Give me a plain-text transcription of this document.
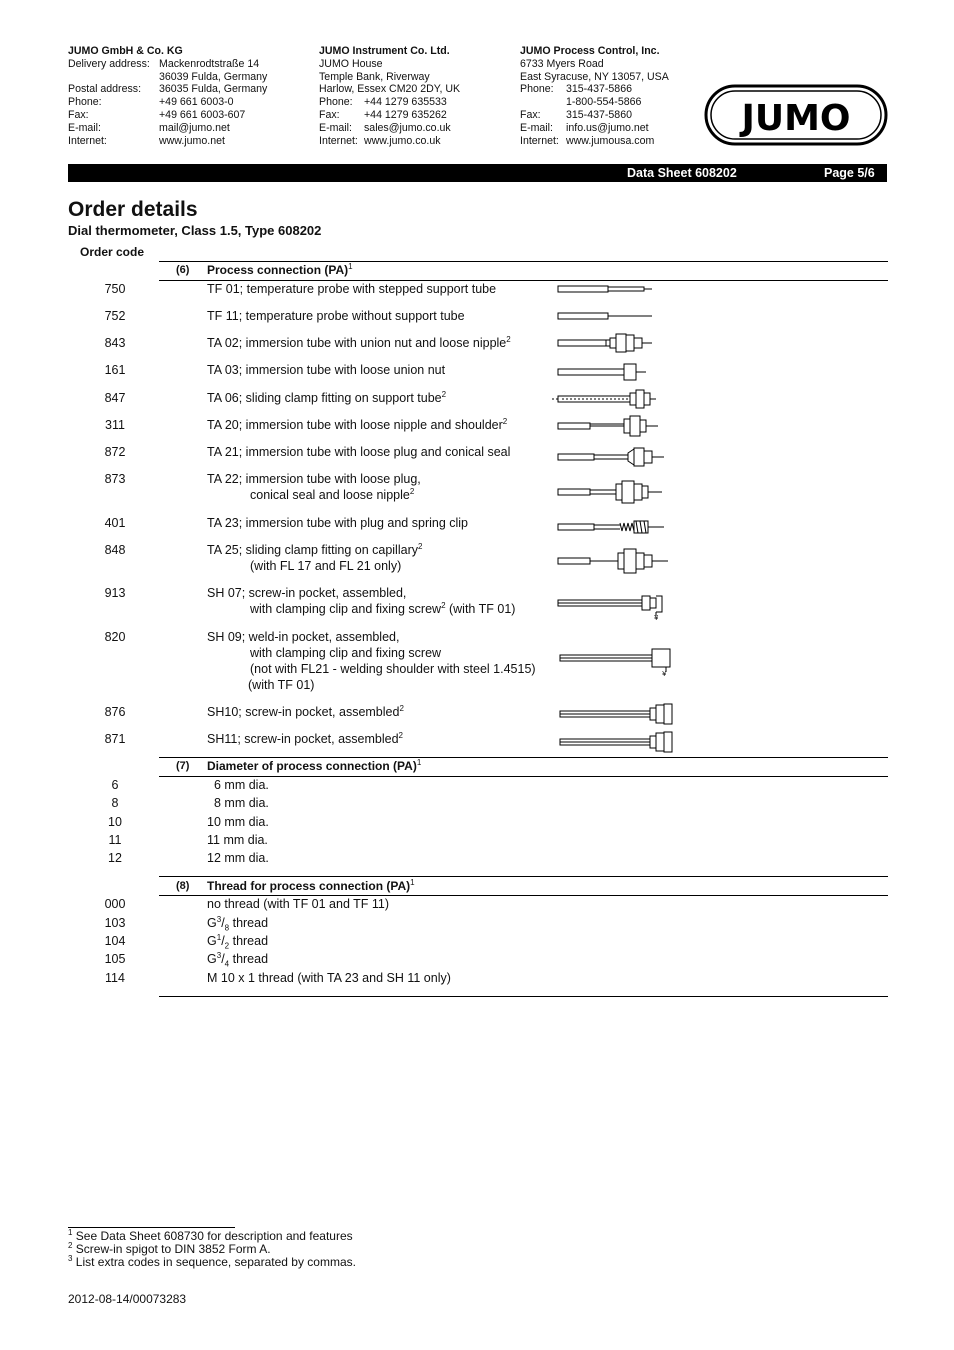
JUMO GmbH & Co. KG
Delivery address: Mackenrodtstraße 14
36039 Fulda, Germany
Postal address:	36035 Fulda, Germany
Phone:	+49 661 6003-0
Fax:	+49 661 6003-607
E-mail:	mail@jumo.net
Internet:	www.jumo.net
JUMO Instrument Co. Ltd.
JUMO House
Temple Bank, Riverway
Harlow, Essex CM20 2DY, UK
Phone:	+44 1279 635533
Fax:	+44 1279 635262
E-mail:	sales@jumo.co.uk
Internet: www.jumo.co.uk
JUMO Process Control, Inc.
6733 Myers Road
East Syracuse, NY 13057, USA
Phone:	315-437-5866
1-800-554-5866
Fax:	315-437-5860
E-mail:	info.us@jumo.net
Internet: www.jumousa.com
JUMO
Data Sheet 608202	Page 5/6
Order details
Dial thermometer, Class 1.5, Type 608202
Order code
(6) Process connection (PA)$^1$
750	TF 01; temperature probe with stepped support tube
752	TF 11; temperature probe without support tube
843	TA 02; immersion tube with union nut and loose nipple$^2$
161	TA 03; immersion tube with loose union nut
847	TA 06; sliding clamp fitting on support tube$^2$
311	TA 20; immersion tube with loose nipple and shoulder$^2$
872	TA 21; immersion tube with loose plug and conical seal
873	TA 22; immersion tube with loose plug,
conical seal and loose nipple$^2$
401	TA 23; immersion tube with plug and spring clip
848	TA 25; sliding clamp fitting on capillary$^2$
(with FL 17 and FL 21 only)
913	SH 07; screw-in pocket, assembled,
with clamping clip and fixing screw$^2$ (with TF 01)
¥
820	SH 09; weld-in pocket, assembled,
with clamping clip and fixing screw
(not with FL21 - welding shoulder with steel 1.4515)
(with TF 01)
¥
876	SH10; screw-in pocket, assembled$^2$
871	SH11; screw-in pocket, assembled$^2$
(7) Diameter of process connection (PA)$^1$
6	6 mm dia.
8	8 mm dia.
10	10 mm dia.
11	11 mm dia.
12	12 mm dia.
(8) Thread for process connection (PA)$^1$
000	no thread (with TF 01 and TF 11)
103	$G^3/_8$ thread
104	$G^1/_2$ thread
105	$G^3/_4$ thread
114	M 10 x 1 thread (with TA 23 and SH 11 only)
$^1$ See Data Sheet 608730 for description and features
$^2$ Screw-in spigot to DIN 3852 Form A.
$^3$ List extra codes in sequence, separated by commas.
2012-08-14/00073283
